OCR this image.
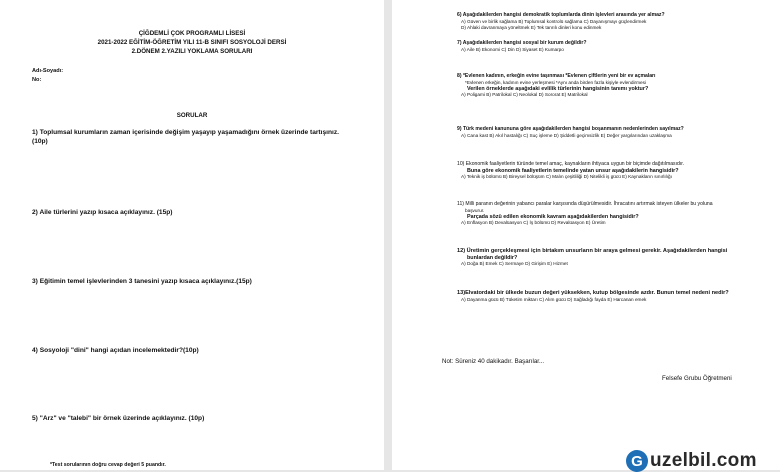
ÇİĞDEMLİ ÇOK PROGRAMLI LİSESİ
2021-2022 EĞİTİM-ÖĞRETİM YILI 11-B SINIFI SOSYOLOJİ DERSİ
2.DÖNEM 2.YAZILI YOKLAMA SORULARI
Adı-Soyadı:
No:
SORULAR
1) Toplumsal kurumların zaman içerisinde değişim yaşayıp yaşamadığını örnek üzerinde tartışınız.
(10p)
2) Aile türlerini yazıp kısaca açıklayınız. (15p)
3) Eğitimin temel işlevlerinden 3 tanesini yazıp kısaca açıklayınız.(15p)
4) Sosyoloji "dini" hangi açıdan incelemektedir?(10p)
5) "Arz" ve "talebi" bir örnek üzerinde açıklayınız. (10p)
*Test sorularının doğru cevap değeri 5 puandır.
6) Aşağıdakilerden hangisi demokratik toplumlarda dinin işlevleri arasında yer almaz?
A) Güven ve birlik sağlama B) Toplumsal kontrolü sağlama C) Dayanışmayı güçlendirmek
D) Ahlaki davranmaya yöneltmek E) Tek tanrılı dinleri konu edinmek
7) Aşağıdakilerden hangisi sosyal bir kurum değildir?
A) Aile B) Ekonomi C) Din D) Siyaset E) Kumarpo
8) *Evlenen kadının, erkeğin evine taşınması *Evlenen çiftlerin yeni bir ev açmaları
*Evlenen erkeğin, kadının evine yerleşmesi *Aynı anda birden fazla kişiyle evlendirmesi
Verilen örneklerde aşağıdaki evlilik türlerinin hangisinin tanımı yoktur?
A) Poligami B) Patrilokal C) Neolokal D) Sororat E) Matrilokal
9) Türk medeni kanununa göre aşağıdakilerden hangisi boşanmanın nedenlerinden sayılmaz?
A) Cana kast B) Akıl hastalığı C) Suç işleme D) Şiddetli geçimsizlik E) Değer yargılarından uzaklaşma
10) Ekonomik faaliyetlerin türünde temel amaç, kaynakların ihtiyaca uygun bir biçimde dağıtılmasıdır.
Buna göre ekonomik faaliyetlerin temelinde yatan unsur aşağıdakilerin hangisidir?
A) Teknik iş bölümü B) Bireysel bölüşüm C) Malın çeşitliliği D) Nitelikli iş gücü E) Kaynakların sınırlılığı
11) Milli paranın değerinin yabancı paralar karşısında düşürülmesidir. İhracatını artırmak isteyen ülkeler bu yoluna
başvurur.
Parçada sözü edilen ekonomik kavram aşağıdakilerden hangisidir?
A) Enflasyon B) Devalüasyon C) İş bölümü D) Revalüasyon E) Üretim
12) Üretimin gerçekleşmesi için birtakım unsurların bir araya gelmesi gerekir. Aşağıdakilerden hangisi
bunlardan değildir?
A) Doğa B) Emek C) Sermaye D) Girişim E) Hizmet
13)Elvatordaki bir ülkede buzun değeri yüksekken, kutup bölgesinde azdır. Bunun temel nedeni nedir?
A) Dayanma gücü B) Tüketim miktarı C) Alım gücü D) Sağladığı fayda E) Harcanan emek
Not: Süreniz 40 dakikadır. Başarılar...
Felsefe Grubu Öğretmeni
G uzelbil.com
